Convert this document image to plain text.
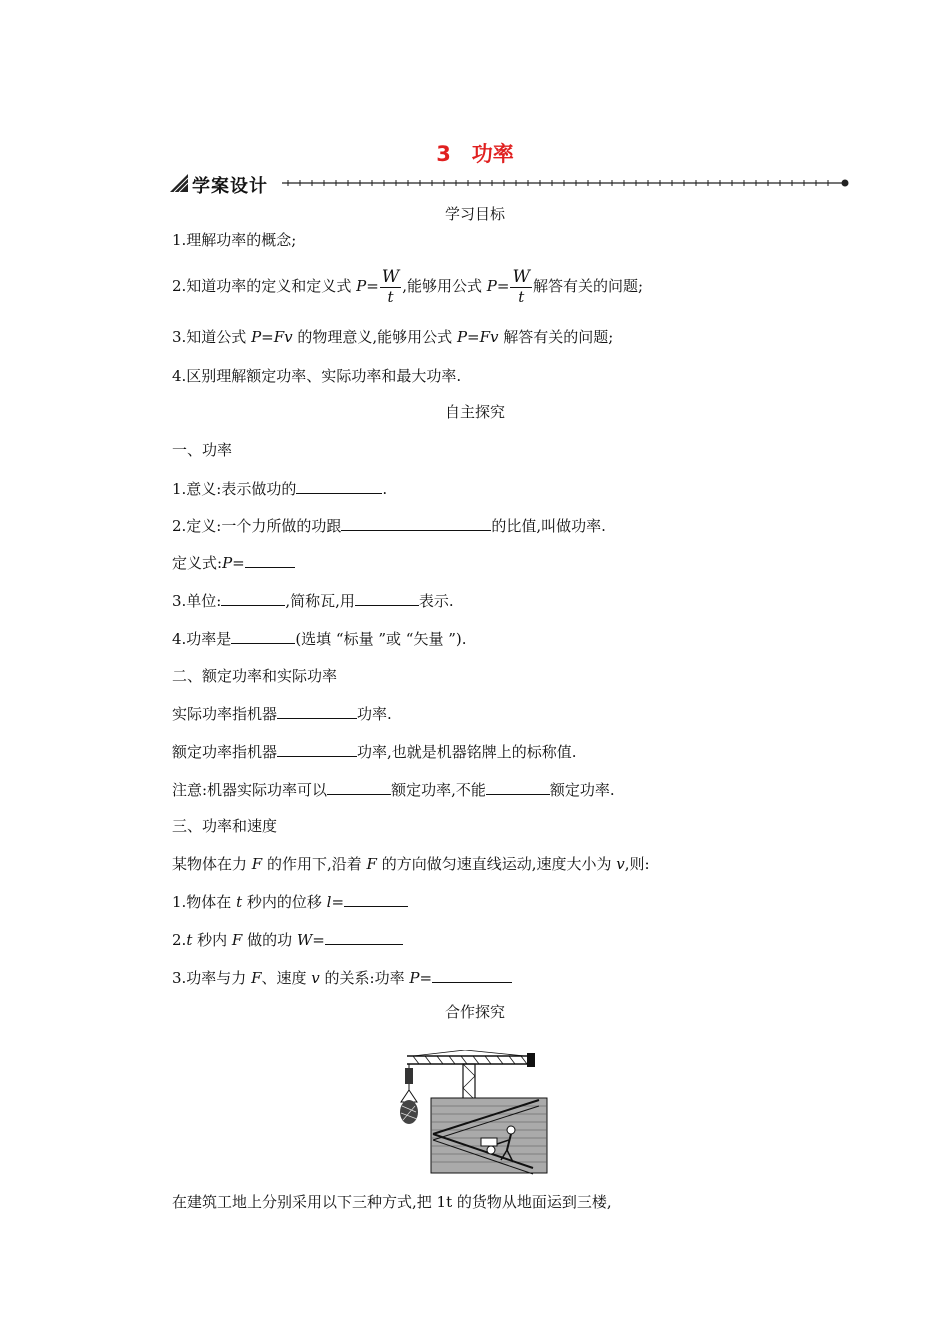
3　功率
学案设计
学习目标
1.理解功率的概念;
2.知道功率的定义和定义式 $P= \frac{W}{t}$ ,能够用公式 $P= \frac{W}{t}$ 解答有关的问题;
3.知道公式 P=Fv 的物理意义,能够用公式 P=Fv 解答有关的问题;
4.区别理解额定功率、实际功率和最大功率.
自主探究
一、功率
1.意义:表示做功的	.
2.定义:一个力所做的功跟	的比值,叫做功率.
定义式:P=
3.单位:	,简称瓦,用	表示.
4.功率是	(选填 “标量 ”或 “矢量 ”).
二、额定功率和实际功率
实际功率指机器	功率.
额定功率指机器	功率,也就是机器铭牌上的标称值.
注意:机器实际功率可以	额定功率,不能	额定功率.
三、功率和速度
某物体在力 F 的作用下,沿着 F 的方向做匀速直线运动,速度大小为 v,则:
1.物体在 t 秒内的位移 l=
2.t 秒内 F 做的功 W=
3.功率与力 F、速度 v 的关系:功率 P=
合作探究
在建筑工地上分别采用以下三种方式,把 1t 的货物从地面运到三楼,
